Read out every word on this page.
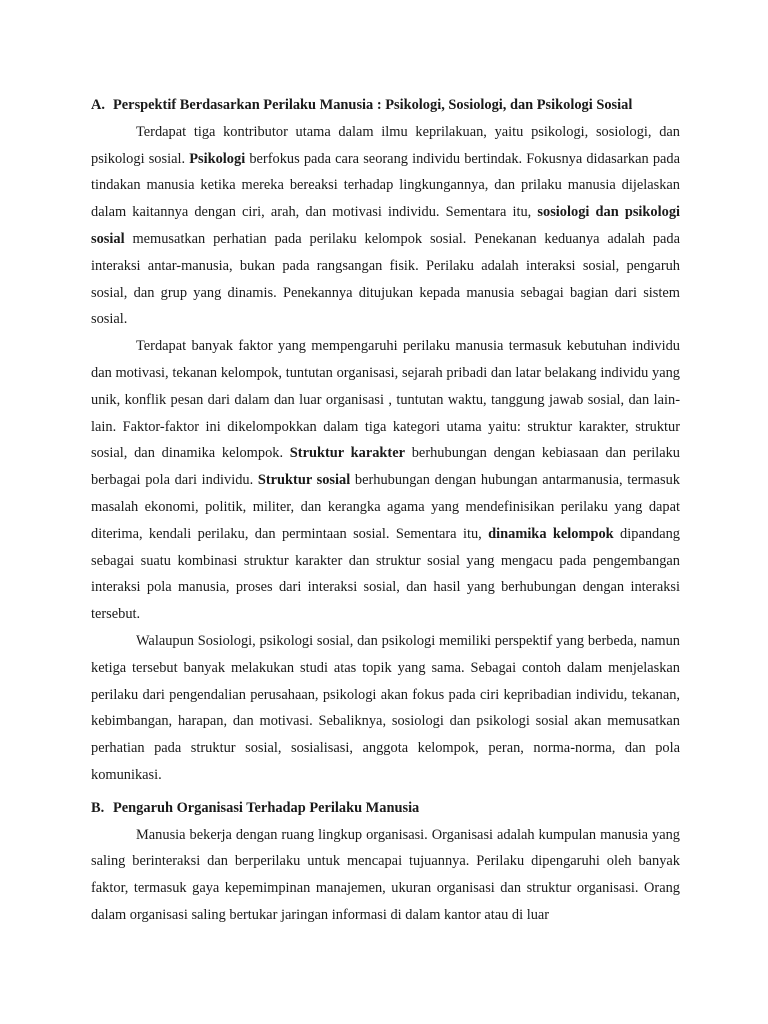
A. Perspektif Berdasarkan Perilaku Manusia : Psikologi, Sosiologi, dan Psikologi Sosial

Terdapat tiga kontributor utama dalam ilmu keprilakuan, yaitu psikologi, sosiologi, dan psikologi sosial. Psikologi berfokus pada cara seorang individu bertindak. Fokusnya didasarkan pada tindakan manusia ketika mereka bereaksi terhadap lingkungannya, dan prilaku manusia dijelaskan dalam kaitannya dengan ciri, arah, dan motivasi individu. Sementara itu, sosiologi dan psikologi sosial memusatkan perhatian pada perilaku kelompok sosial. Penekanan keduanya adalah pada interaksi antar-manusia, bukan pada rangsangan fisik. Perilaku adalah interaksi sosial, pengaruh sosial, dan grup yang dinamis. Penekannya ditujukan kepada manusia sebagai bagian dari sistem sosial.

Terdapat banyak faktor yang mempengaruhi perilaku manusia termasuk kebutuhan individu dan motivasi, tekanan kelompok, tuntutan organisasi, sejarah pribadi dan latar belakang individu yang unik, konflik pesan dari dalam dan luar organisasi , tuntutan waktu, tanggung jawab sosial, dan lain-lain. Faktor-faktor ini dikelompokkan dalam tiga kategori utama yaitu: struktur karakter, struktur sosial, dan dinamika kelompok. Struktur karakter berhubungan dengan kebiasaan dan perilaku berbagai pola dari individu. Struktur sosial berhubungan dengan hubungan antarmanusia, termasuk masalah ekonomi, politik, militer, dan kerangka agama yang mendefinisikan perilaku yang dapat diterima, kendali perilaku, dan permintaan sosial. Sementara itu, dinamika kelompok dipandang sebagai suatu kombinasi struktur karakter dan struktur sosial yang mengacu pada pengembangan interaksi pola manusia, proses dari interaksi sosial, dan hasil yang berhubungan dengan interaksi tersebut.

Walaupun Sosiologi, psikologi sosial, dan psikologi memiliki perspektif yang berbeda, namun ketiga tersebut banyak melakukan studi atas topik yang sama. Sebagai contoh dalam menjelaskan perilaku dari pengendalian perusahaan, psikologi akan fokus pada ciri kepribadian individu, tekanan, kebimbangan, harapan, dan motivasi. Sebaliknya, sosiologi dan psikologi sosial akan memusatkan perhatian pada struktur sosial, sosialisasi, anggota kelompok, peran, norma-norma, dan pola komunikasi.

B. Pengaruh Organisasi Terhadap Perilaku Manusia

Manusia bekerja dengan ruang lingkup organisasi. Organisasi adalah kumpulan manusia yang saling berinteraksi dan berperilaku untuk mencapai tujuannya. Perilaku dipengaruhi oleh banyak faktor, termasuk gaya kepemimpinan manajemen, ukuran organisasi dan struktur organisasi. Orang dalam organisasi saling bertukar jaringan informasi di dalam kantor atau di luar
